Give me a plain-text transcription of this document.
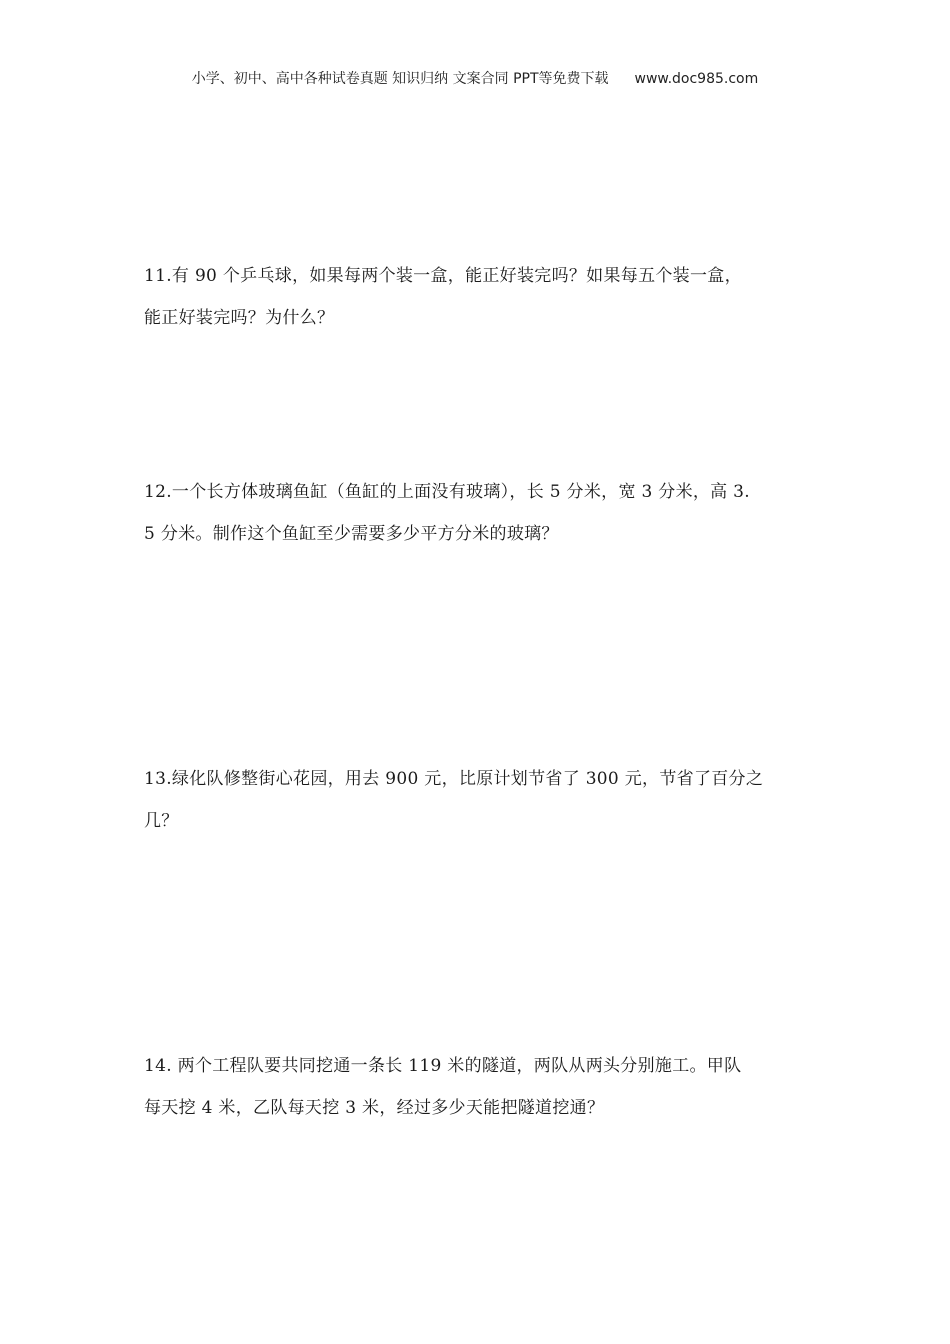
小学、初中、高中各种试卷真题 知识归纳 文案合同 PPT等免费下载 www.doc985.com

11.有 90 个乒乓球，如果每两个装一盒，能正好装完吗？如果每五个装一盒，

能正好装完吗？为什么？

12.一个长方体玻璃鱼缸（鱼缸的上面没有玻璃），长 5 分米，宽 3 分米，高 3.

5 分米。制作这个鱼缸至少需要多少平方分米的玻璃？

13.绿化队修整街心花园，用去 900 元，比原计划节省了 300 元，节省了百分之

几？

14. 两个工程队要共同挖通一条长 119 米的隧道，两队从两头分别施工。甲队

每天挖 4 米，乙队每天挖 3 米，经过多少天能把隧道挖通？
